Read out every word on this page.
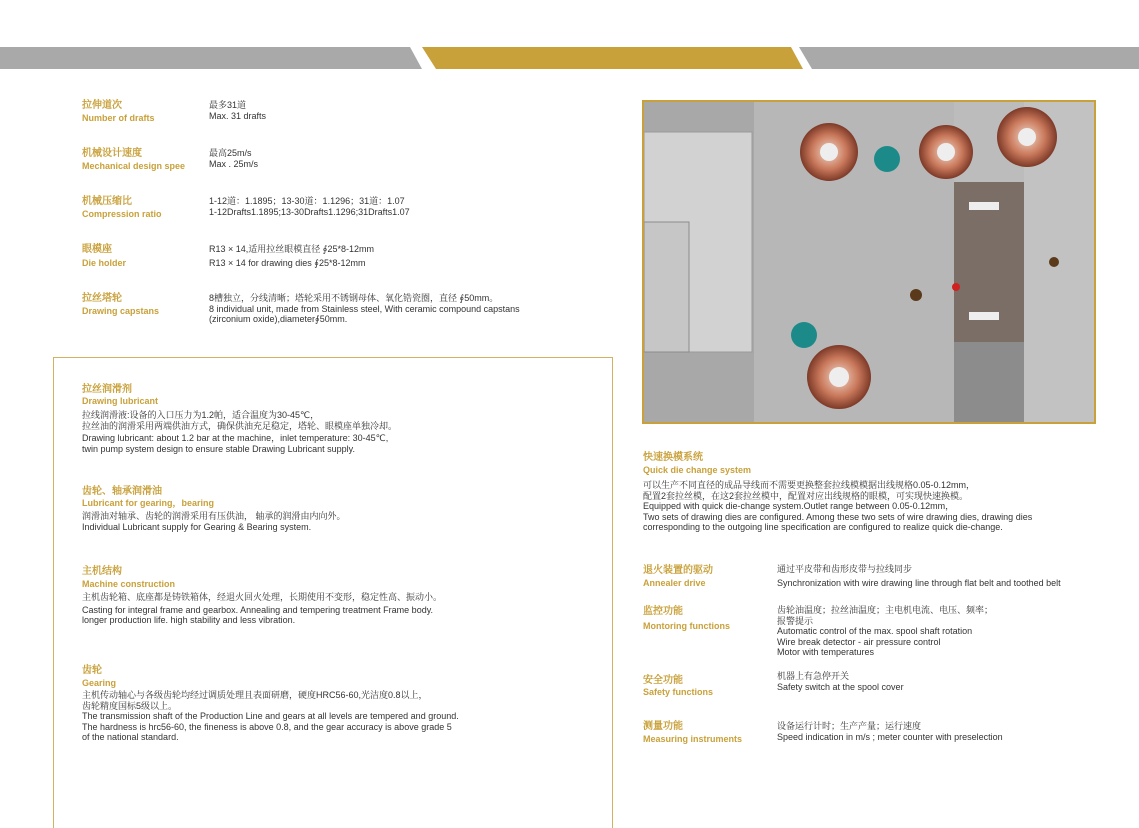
拉伸道次
Number of drafts
最多31道
Max. 31 drafts
机械设计速度
Mechanical design spee
最高25m/s
Max . 25m/s
机械压缩比
Compression ratio
1-12道：1.1895；13-30道：1.1296；31道：1.07
1-12Drafts1.1895;13-30Drafts1.1296;31Drafts1.07
眼模座
Die holder
R13 × 14,适用拉丝眼模直径 ∮25*8-12mm
R13 × 14 for drawing dies ∮25*8-12mm
拉丝塔轮
Drawing capstans
8槽独立，分线清晰；塔轮采用不锈钢母体、氧化锆瓷圈，直径 ∮50mm。
8 individual unit, made from Stainless steel, With ceramic compound capstans
(zirconium oxide),diameter∮50mm.
拉丝润滑剂
Drawing lubricant
拉线润滑液:设备的入口压力为1.2帕，适合温度为30-45℃，
拉丝油的润滑采用两端供油方式，确保供油充足稳定，塔轮、眼模座单独冷却。
Drawing lubricant: about 1.2 bar at the machine，inlet temperature: 30-45℃,
twin pump system design to ensure stable Drawing Lubricant supply.
齿轮、轴承润滑油
Lubricant for gearing，bearing
润滑油对轴承、齿轮的润滑采用有压供油， 轴承的润滑由内向外。
Individual Lubricant supply for Gearing & Bearing system.
主机结构
Machine construction
主机齿轮箱、底座都是铸铁箱体，经退火回火处理，长期使用不变形，稳定性高、振动小。
Casting for integral frame and gearbox. Annealing and tempering treatment Frame body.
longer production life. high stability and less vibration.
齿轮
Gearing
主机传动轴心与各级齿轮均经过调质处理且表面研磨，硬度HRC56-60,光洁度0.8以上，
齿轮精度国标5级以上。
The transmission shaft of the Production Line and gears at all levels are tempered and ground.
The hardness is hrc56-60, the fineness is above 0.8, and the gear accuracy is above grade 5
of the national standard.
快速换模系统
Quick die change system
可以生产不同直径的成品导线而不需要更换整套拉线模模据出线规格0.05-0.12mm，
配置2套拉丝模，在这2套拉丝模中，配置对应出线规格的眼模，可实现快速换模。
Equipped with quick die-change system.Outlet range between 0.05-0.12mm，
Two sets of drawing dies are configured. Among these two sets of wire drawing dies, drawing dies
corresponding to the outgoing line specification are configured to realize quick die-change.
退火装置的驱动
Annealer drive
通过平皮带和齿形皮带与拉线同步
Synchronization with wire drawing line through flat belt and toothed belt
监控功能
Montoring functions
齿轮油温度；拉丝油温度；主电机电流、电压、频率；
报警提示
Automatic control of the max. spool shaft rotation
Wire break detector - air pressure control
Motor with temperatures
安全功能
Safety functions
机器上有急停开关
Safety switch at the spool cover
测量功能
Measuring instruments
设备运行计时；生产产量；运行速度
Speed indication in m/s ; meter counter with preselection
